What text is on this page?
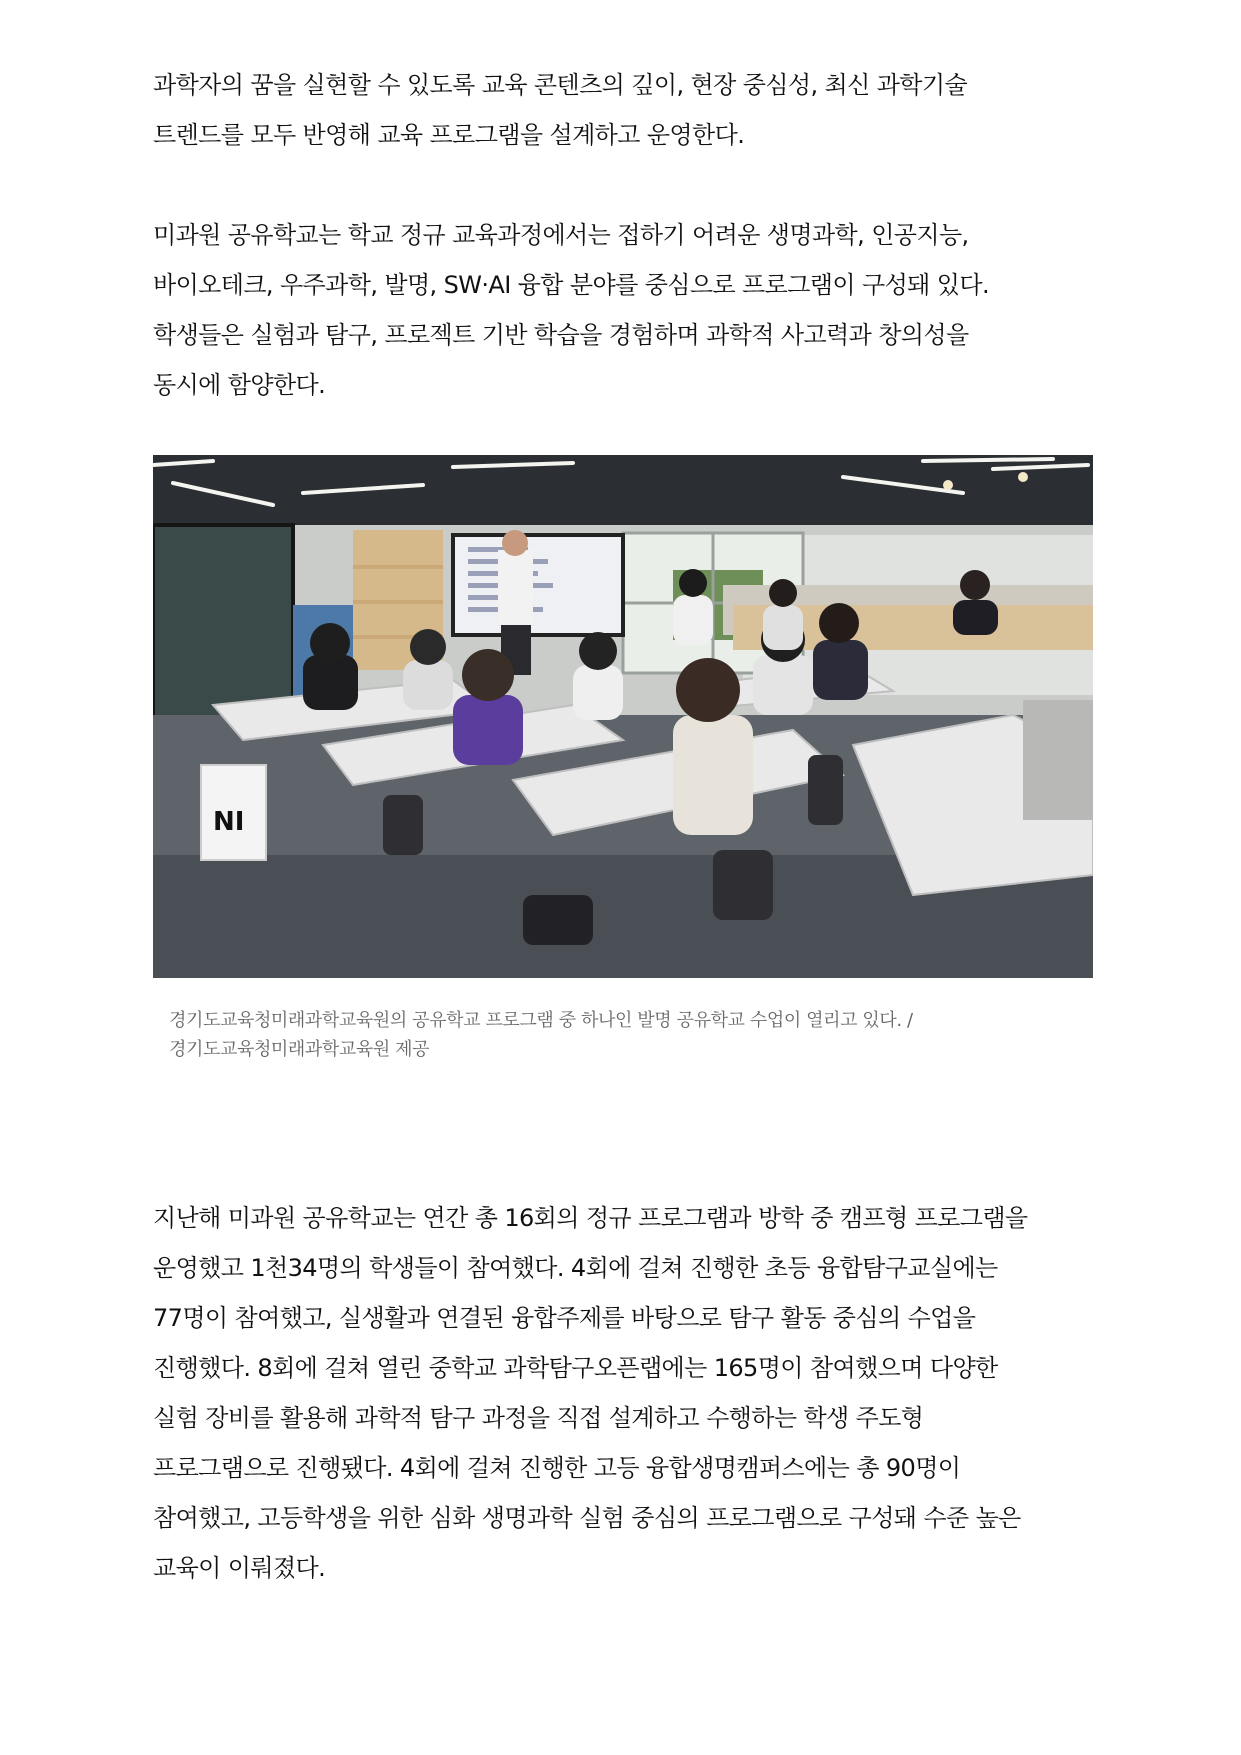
과학자의 꿈을 실현할 수 있도록 교육 콘텐츠의 깊이, 현장 중심성, 최신 과학기술
트렌드를 모두 반영해 교육 프로그램을 설계하고 운영한다.

미과원 공유학교는 학교 정규 교육과정에서는 접하기 어려운 생명과학, 인공지능,
바이오테크, 우주과학, 발명, SW·AI 융합 분야를 중심으로 프로그램이 구성돼 있다.
학생들은 실험과 탐구, 프로젝트 기반 학습을 경험하며 과학적 사고력과 창의성을
동시에 함양한다.

NI
경기도교육청미래과학교육원의 공유학교 프로그램 중 하나인 발명 공유학교 수업이 열리고 있다. /
경기도교육청미래과학교육원 제공

지난해 미과원 공유학교는 연간 총 16회의 정규 프로그램과 방학 중 캠프형 프로그램을
운영했고 1천34명의 학생들이 참여했다. 4회에 걸쳐 진행한 초등 융합탐구교실에는
77명이 참여했고, 실생활과 연결된 융합주제를 바탕으로 탐구 활동 중심의 수업을
진행했다. 8회에 걸쳐 열린 중학교 과학탐구오픈랩에는 165명이 참여했으며 다양한
실험 장비를 활용해 과학적 탐구 과정을 직접 설계하고 수행하는 학생 주도형
프로그램으로 진행됐다. 4회에 걸쳐 진행한 고등 융합생명캠퍼스에는 총 90명이
참여했고, 고등학생을 위한 심화 생명과학 실험 중심의 프로그램으로 구성돼 수준 높은
교육이 이뤄졌다.
